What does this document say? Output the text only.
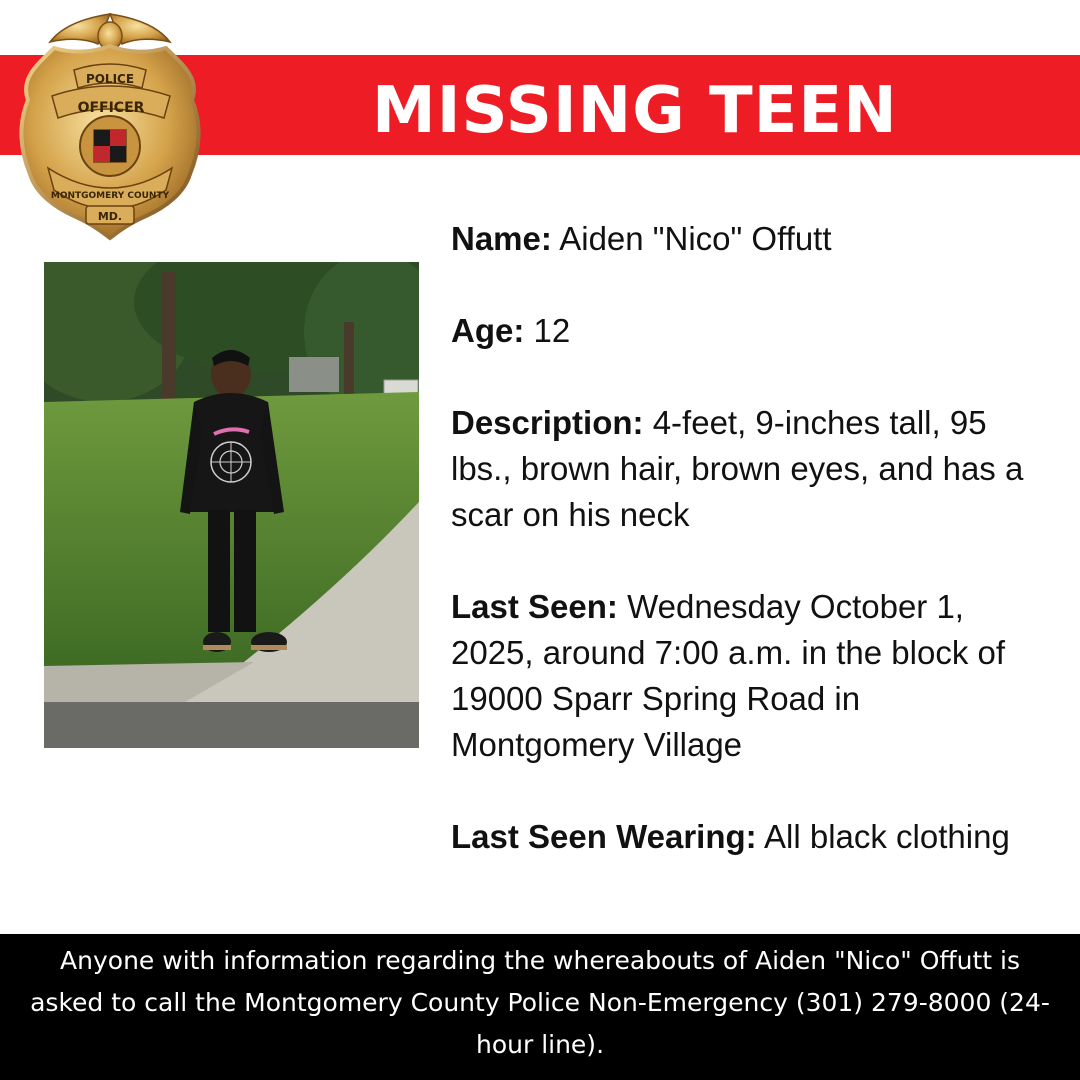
MISSING TEEN
POLICE
OFFICER
MONTGOMERY COUNTY
MD.
Name: Aiden "Nico" Offutt
Age: 12
Description: 4-feet, 9-inches tall, 95 lbs., brown hair, brown eyes, and has a scar on his neck
Last Seen: Wednesday October 1, 2025, around 7:00 a.m. in the block of 19000 Sparr Spring Road in Montgomery Village
Last Seen Wearing: All black clothing

Anyone with information regarding the whereabouts of Aiden "Nico" Offutt is asked to call the Montgomery County Police Non-Emergency (301) 279-8000 (24-hour line).
